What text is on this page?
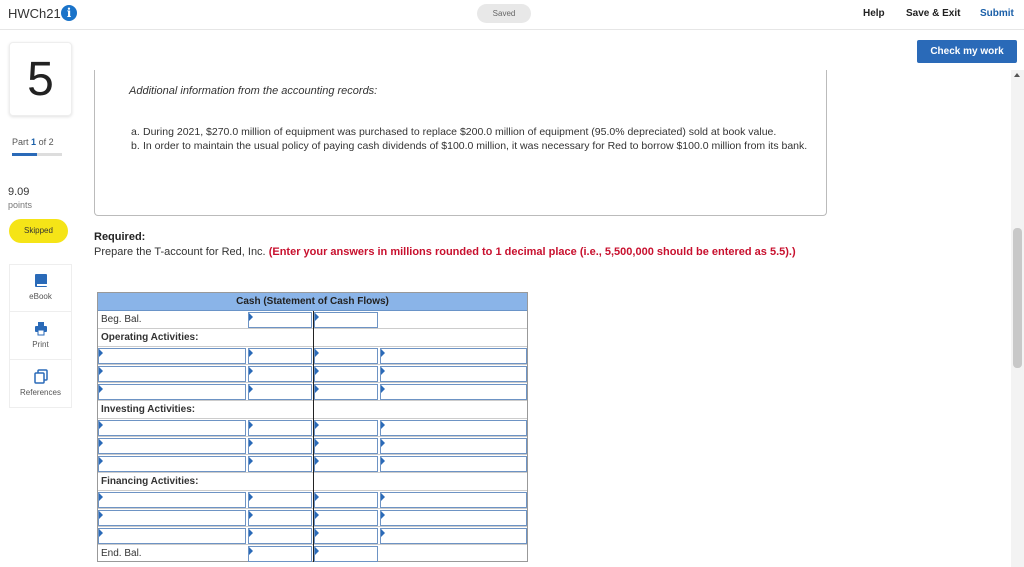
HWCh21 i	Saved	Help Save & Exit Submit
Check my work
5
Part 1 of 2
9.09
points
Skipped
eBook
Print
References
Additional information from the accounting records:
a. During 2021, $270.0 million of equipment was purchased to replace $200.0 million of equipment (95.0% depreciated) sold at book value.
b. In order to maintain the usual policy of paying cash dividends of $100.0 million, it was necessary for Red to borrow $100.0 million from its bank.
Required:
Prepare the T-account for Red, Inc. (Enter your answers in millions rounded to 1 decimal place (i.e., 5,500,000 should be entered as 5.5).)
Cash (Statement of Cash Flows)
Beg. Bal.
Operating Activities:
Investing Activities:
Financing Activities:
End. Bal.
